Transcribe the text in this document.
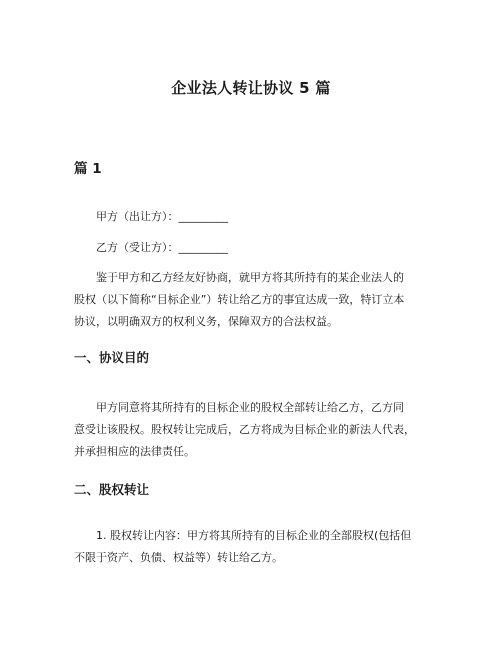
企业法人转让协议 5 篇
篇 1
甲方（出让方）：_________
乙方（受让方）：_________
鉴于甲方和乙方经友好协商，就甲方将其所持有的某企业法人的
股权（以下简称“目标企业”）转让给乙方的事宜达成一致，特订立本
协议，以明确双方的权利义务，保障双方的合法权益。
一、协议目的
甲方同意将其所持有的目标企业的股权全部转让给乙方，乙方同
意受让该股权。股权转让完成后，乙方将成为目标企业的新法人代表，
并承担相应的法律责任。
二、股权转让
1. 股权转让内容：甲方将其所持有的目标企业的全部股权(包括但
不限于资产、负债、权益等）转让给乙方。
